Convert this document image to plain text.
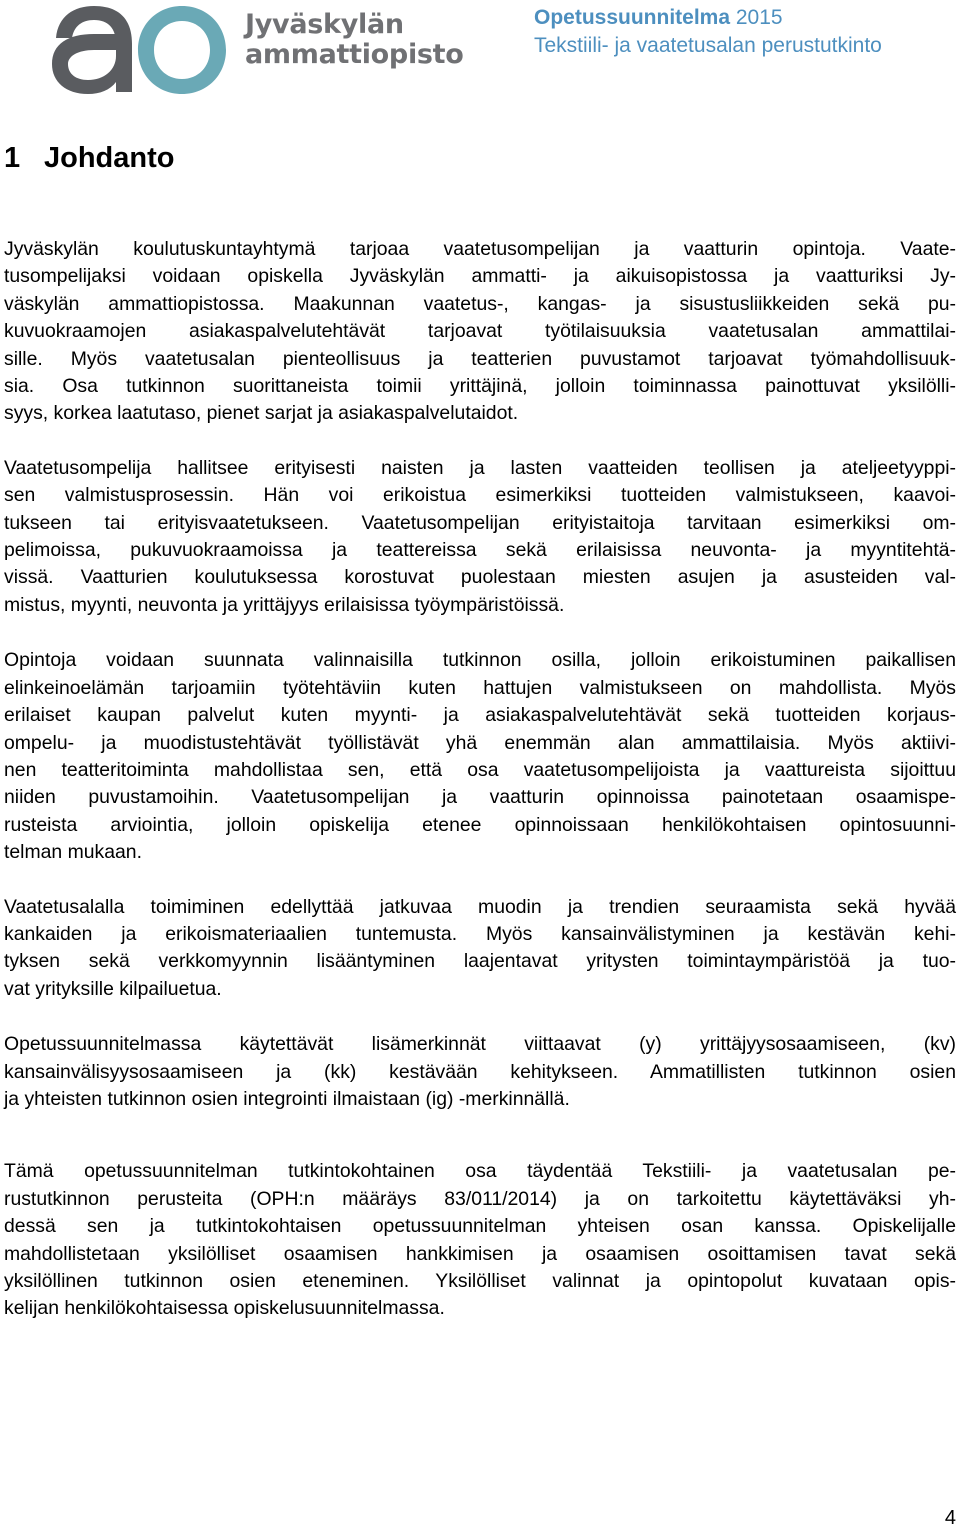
Jyväskylän
ammattiopisto
Opetussuunnitelma 2015
Tekstiili- ja vaatetusalan perustutkinto
1 Johdanto

Jyväskylän koulutuskuntayhtymä tarjoaa vaatetusompelijan ja vaatturin opintoja. Vaate-
tusompelijaksi voidaan opiskella Jyväskylän ammatti- ja aikuisopistossa ja vaatturiksi Jy-
väskylän ammattiopistossa. Maakunnan vaatetus-, kangas- ja sisustusliikkeiden sekä pu-
kuvuokraamojen asiakaspalvelutehtävät tarjoavat työtilaisuuksia vaatetusalan ammattilai-
sille. Myös vaatetusalan pienteollisuus ja teatterien puvustamot tarjoavat työmahdollisuuk-
sia. Osa tutkinnon suorittaneista toimii yrittäjinä, jolloin toiminnassa painottuvat yksilölli-
syys, korkea laatutaso, pienet sarjat ja asiakaspalvelutaidot.

Vaatetusompelija hallitsee erityisesti naisten ja lasten vaatteiden teollisen ja ateljeetyyppi-
sen valmistusprosessin. Hän voi erikoistua esimerkiksi tuotteiden valmistukseen, kaavoi-
tukseen tai erityisvaatetukseen. Vaatetusompelijan erityistaitoja tarvitaan esimerkiksi om-
pelimoissa, pukuvuokraamoissa ja teattereissa sekä erilaisissa neuvonta- ja myyntitehtä-
vissä. Vaatturien koulutuksessa korostuvat puolestaan miesten asujen ja asusteiden val-
mistus, myynti, neuvonta ja yrittäjyys erilaisissa työympäristöissä.

Opintoja voidaan suunnata valinnaisilla tutkinnon osilla, jolloin erikoistuminen paikallisen
elinkeinoelämän tarjoamiin työtehtäviin kuten hattujen valmistukseen on mahdollista. Myös
erilaiset kaupan palvelut kuten myynti- ja asiakaspalvelutehtävät sekä tuotteiden korjaus-
ompelu- ja muodistustehtävät työllistävät yhä enemmän alan ammattilaisia. Myös aktiivi-
nen teatteritoiminta mahdollistaa sen, että osa vaatetusompelijoista ja vaattureista sijoittuu
niiden puvustamoihin. Vaatetusompelijan ja vaatturin opinnoissa painotetaan osaamispe-
rusteista arviointia, jolloin opiskelija etenee opinnoissaan henkilökohtaisen opintosuunni-
telman mukaan.

Vaatetusalalla toimiminen edellyttää jatkuvaa muodin ja trendien seuraamista sekä hyvää
kankaiden ja erikoismateriaalien tuntemusta. Myös kansainvälistyminen ja kestävän kehi-
tyksen sekä verkkomyynnin lisääntyminen laajentavat yritysten toimintaympäristöä ja tuo-
vat yrityksille kilpailuetua.

Opetussuunnitelmassa käytettävät lisämerkinnät viittaavat (y) yrittäjyysosaamiseen, (kv)
kansainvälisyysosaamiseen ja (kk) kestävään kehitykseen. Ammatillisten tutkinnon osien
ja yhteisten tutkinnon osien integrointi ilmaistaan (ig) -merkinnällä.

Tämä opetussuunnitelman tutkintokohtainen osa täydentää Tekstiili- ja vaatetusalan pe-
rustutkinnon perusteita (OPH:n määräys 83/011/2014) ja on tarkoitettu käytettäväksi yh-
dessä sen ja tutkintokohtaisen opetussuunnitelman yhteisen osan kanssa. Opiskelijalle
mahdollistetaan yksilölliset osaamisen hankkimisen ja osaamisen osoittamisen tavat sekä
yksilöllinen tutkinnon osien eteneminen. Yksilölliset valinnat ja opintopolut kuvataan opis-
kelijan henkilökohtaisessa opiskelusuunnitelmassa.

4
